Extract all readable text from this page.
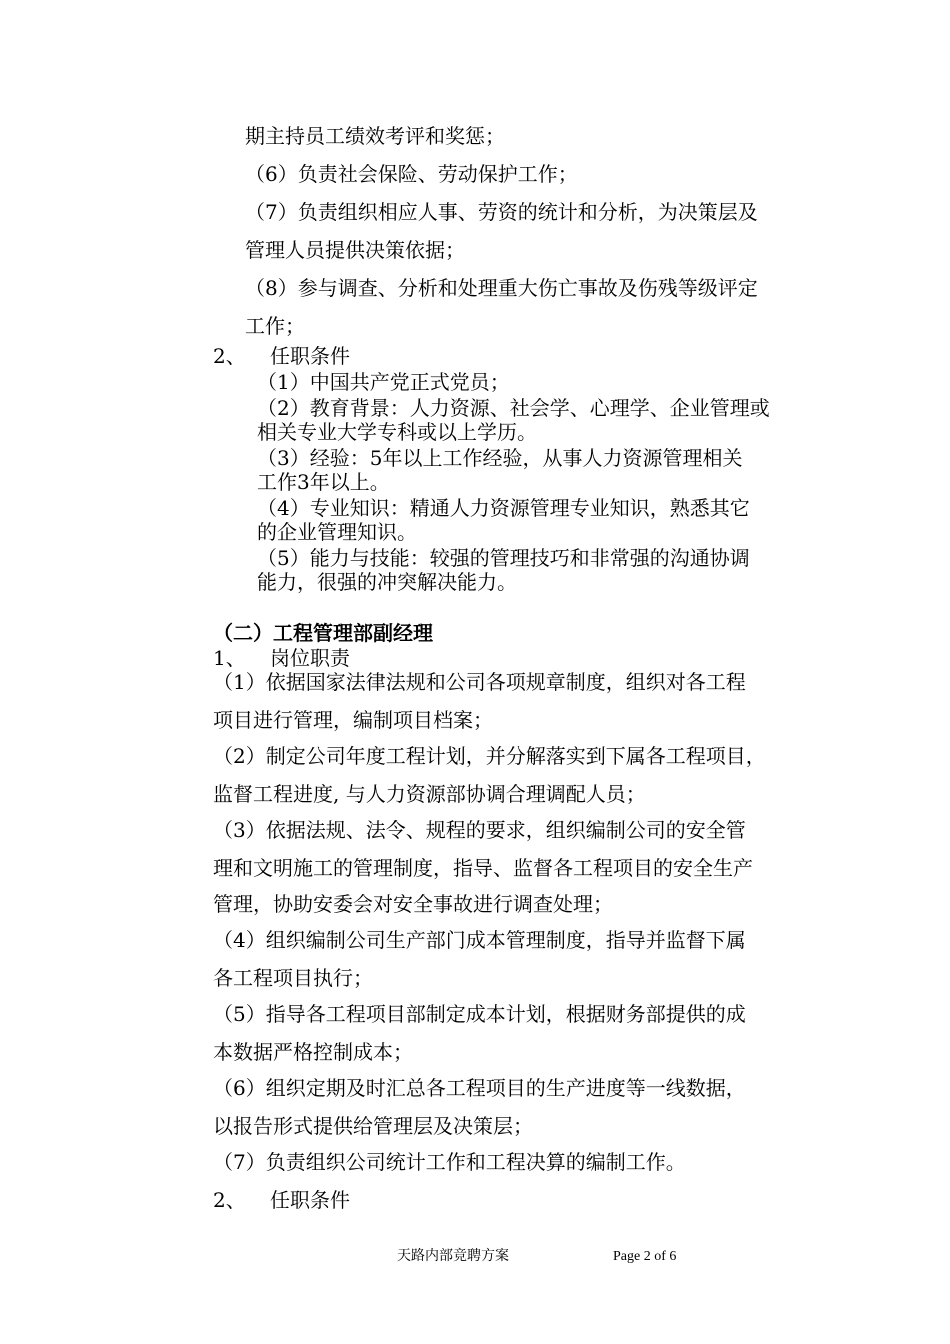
期主持员工绩效考评和奖惩；

（6）负责社会保险、劳动保护工作；

（7）负责组织相应人事、劳资的统计和分析，为决策层及

管理人员提供决策依据；

（8）参与调查、分析和处理重大伤亡事故及伤残等级评定

工作；

2、 任职条件

（1）中国共产党正式党员；

（2）教育背景：人力资源、社会学、心理学、企业管理或

相关专业大学专科或以上学历。

（3）经验：5年以上工作经验，从事人力资源管理相关

工作3年以上。

（4）专业知识：精通人力资源管理专业知识，熟悉其它

的企业管理知识。

（5）能力与技能：较强的管理技巧和非常强的沟通协调

能力，很强的冲突解决能力。

（二）工程管理部副经理

1、 岗位职责

（1）依据国家法律法规和公司各项规章制度，组织对各工程

项目进行管理，编制项目档案；

（2）制定公司年度工程计划，并分解落实到下属各工程项目，

监督工程进度, 与人力资源部协调合理调配人员；

（3）依据法规、法令、规程的要求，组织编制公司的安全管

理和文明施工的管理制度，指导、监督各工程项目的安全生产

管理，协助安委会对安全事故进行调查处理；

（4）组织编制公司生产部门成本管理制度，指导并监督下属

各工程项目执行；

（5）指导各工程项目部制定成本计划，根据财务部提供的成

本数据严格控制成本；

（6）组织定期及时汇总各工程项目的生产进度等一线数据，

以报告形式提供给管理层及决策层；

（7）负责组织公司统计工作和工程决算的编制工作。

2、 任职条件
天路内部竞聘方案	Page 2 of 6
